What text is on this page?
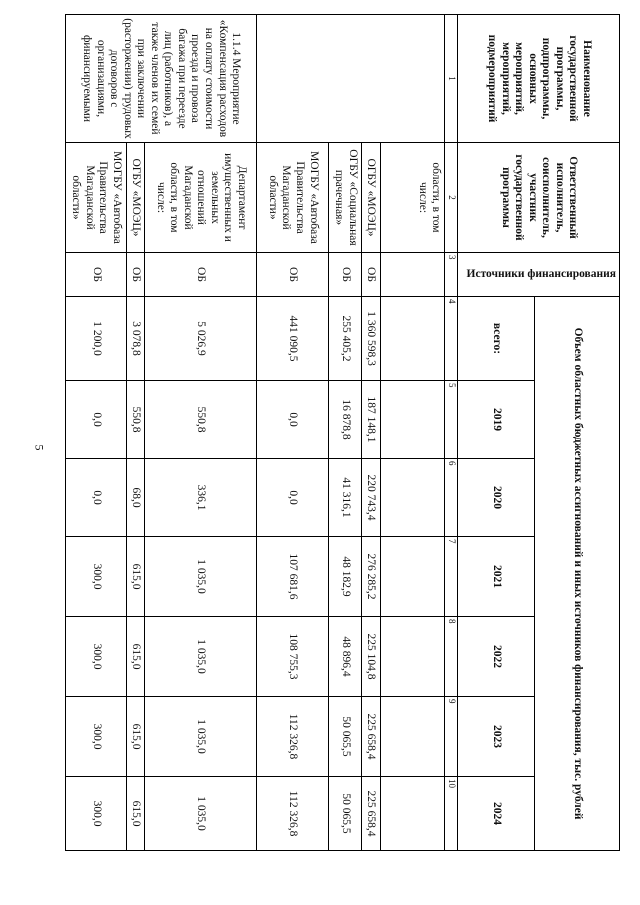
5
Наименование государственной программы, подпрограммы, основных мероприятий, мероприятий, подмероприятий	Ответственный исполнитель, соисполнитель, участник государственной программы	Источники финансирования	Объем областных бюджетных ассигнований и иных источников финансирования, тыс. рублей						
			всего:	2019	2020	2021	2022	2023	2024
1	2	3	4	5	6	7	8	9	10
	области, в том числе:								
	ОГБУ «МОЭЦ»	ОБ	1 360 598,3	187 148,1	220 743,4	276 285,2	225 104,8	225 658,4	225 658,4
	ОГБУ «Социальная прачечная»	ОБ	255 405,2	16 878,8	41 316,1	48 182,9	48 896,4	50 065,5	50 065,5
	МОГБУ «Автобаза Правительства Магаданской области»	ОБ	441 090,5	0,0	0,0	107 681,6	108 755,3	112 326,8	112 326,8
1.1.4 Мероприятие «Компенсация расходов на оплату стоимости проезда и провоза багажа при переезде лиц (работников), а также членов их семей при заключении (расторжении) трудовых договоров с организациями, финансируемыми	Департамент имущественных и земельных отношений Магаданской области, в том числе:	ОБ	5 026,9	550,8	336,1	1 035,0	1 035,0	1 035,0	1 035,0
	ОГБУ «МОЭЦ»	ОБ	3 078,8	550,8	68,0	615,0	615,0	615,0	615,0
	МОГБУ «Автобаза Правительства Магаданской области»	ОБ	1 200,0	0,0	0,0	300,0	300,0	300,0	300,0
